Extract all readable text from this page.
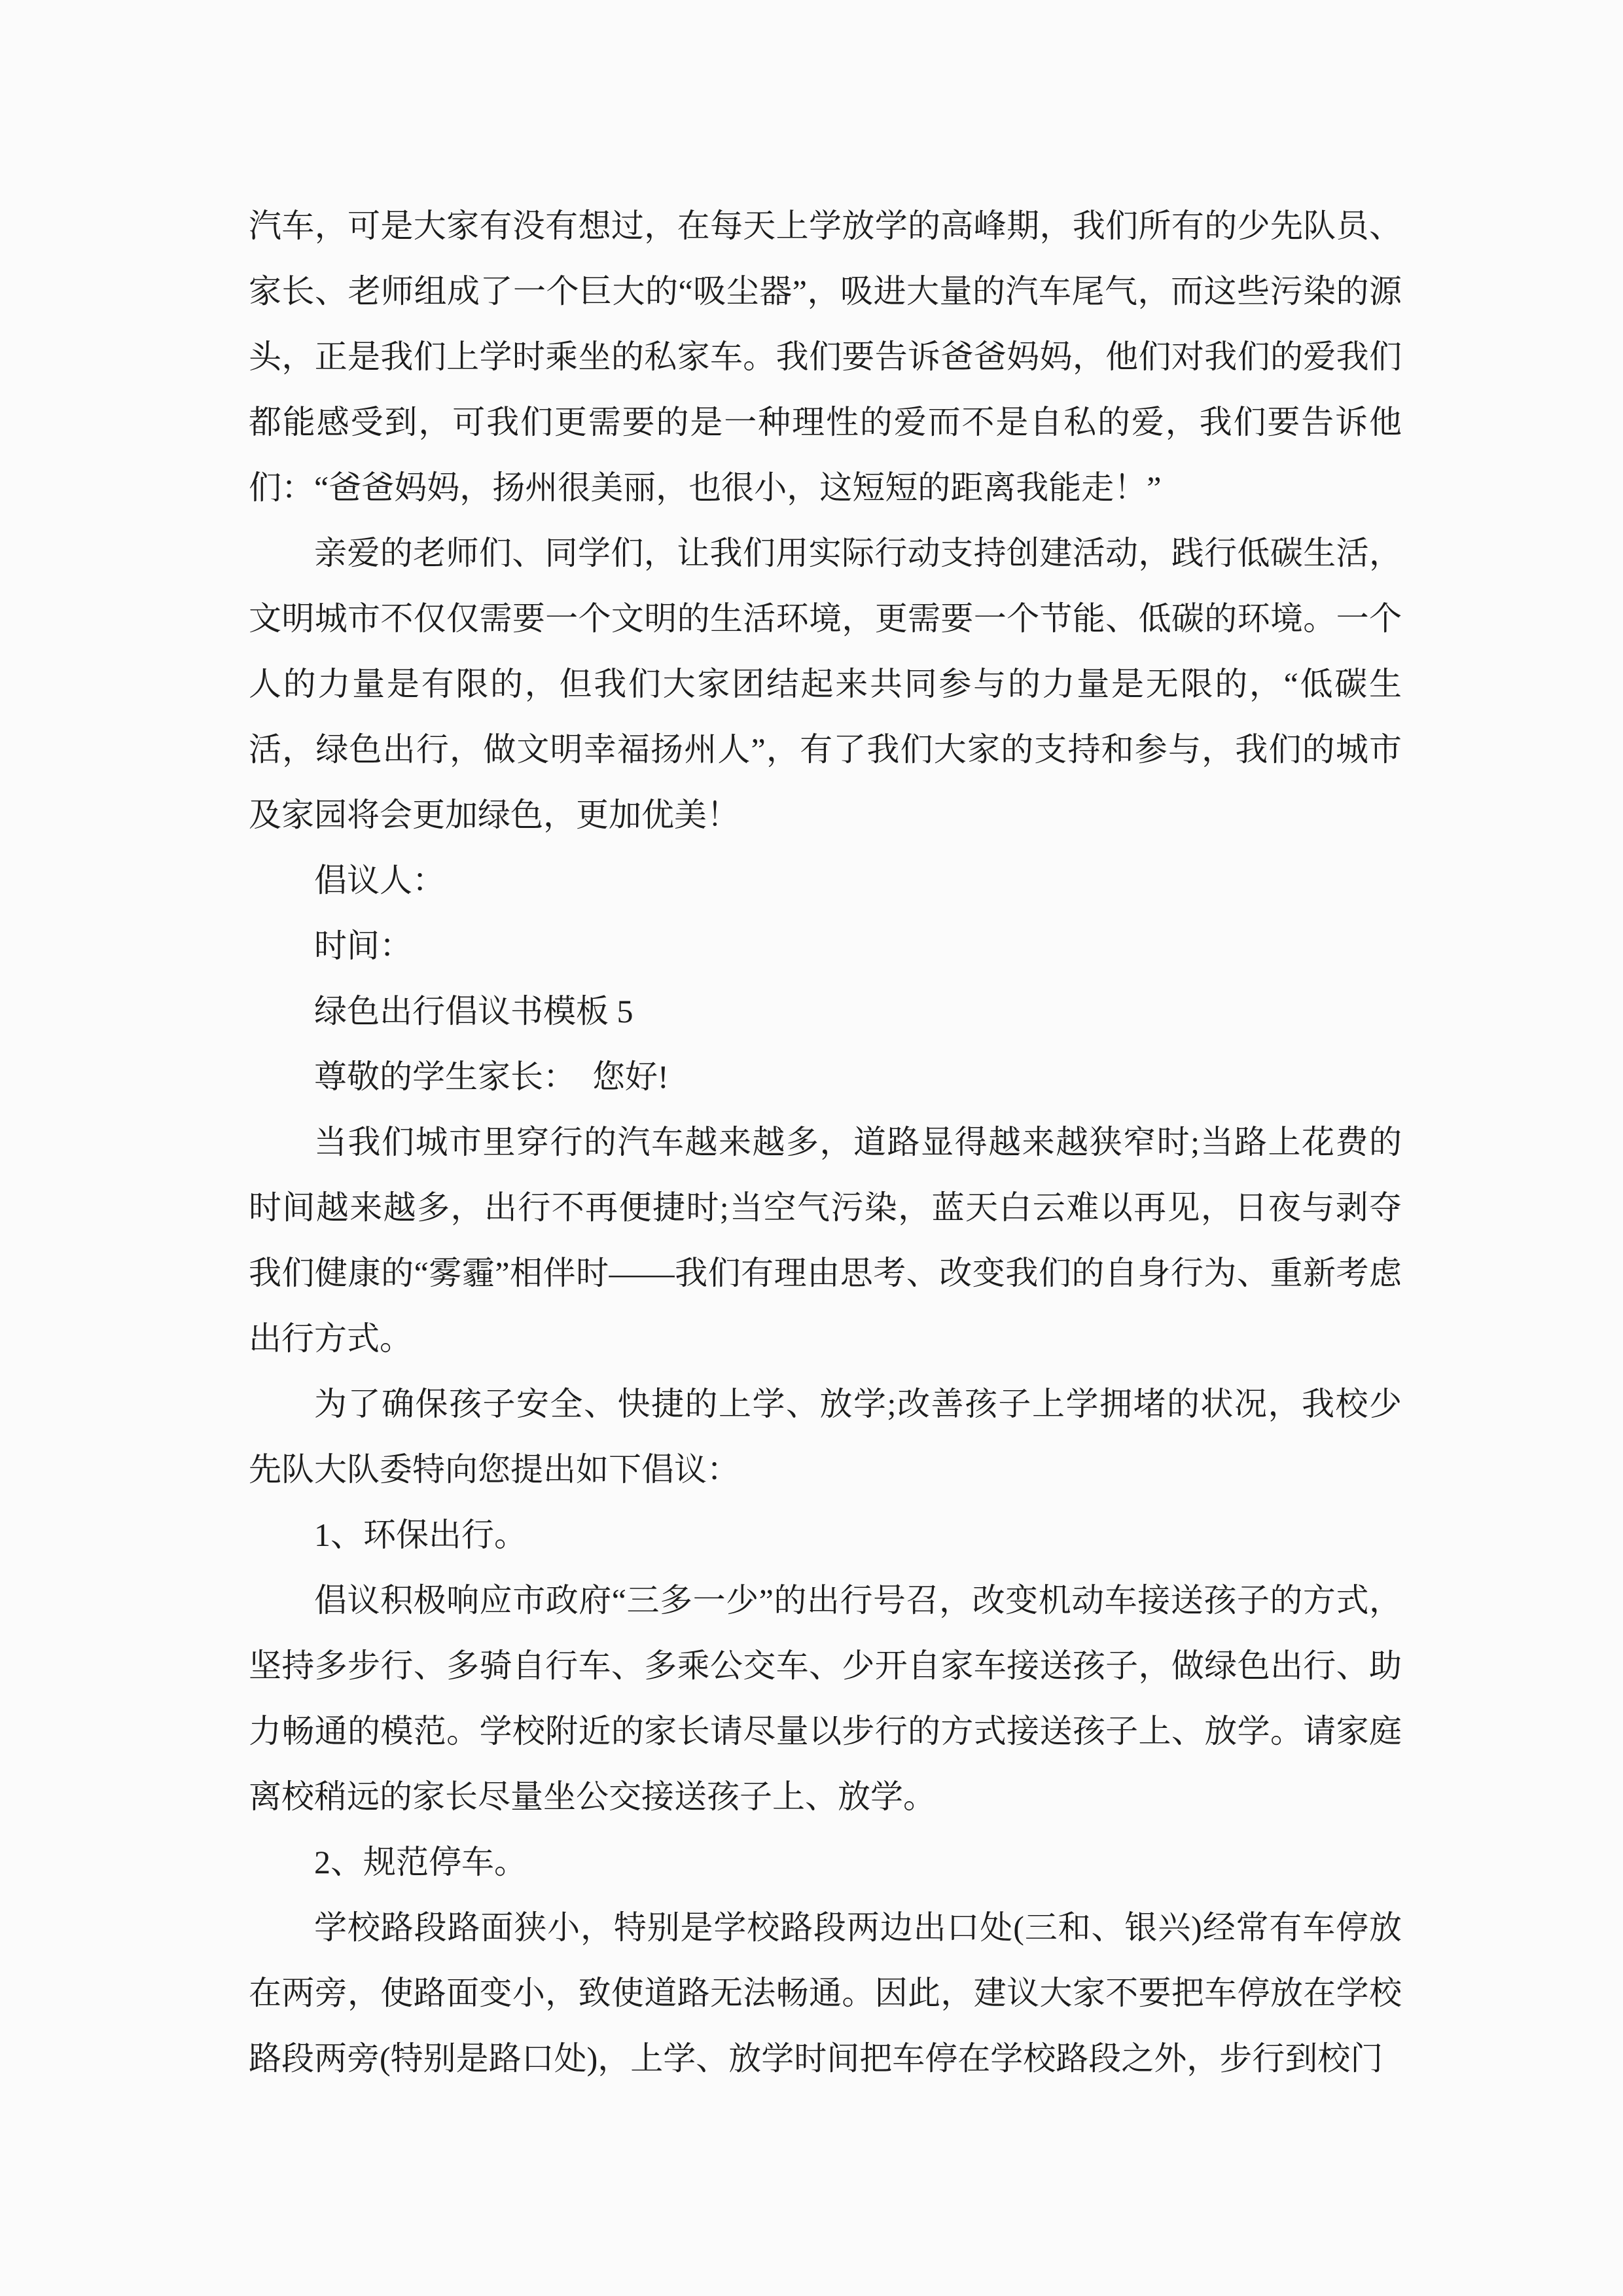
汽车，可是大家有没有想过，在每天上学放学的高峰期，我们所有的少先队员、家长、老师组成了一个巨大的“吸尘器”，吸进大量的汽车尾气，而这些污染的源头，正是我们上学时乘坐的私家车。我们要告诉爸爸妈妈，他们对我们的爱我们都能感受到，可我们更需要的是一种理性的爱而不是自私的爱，我们要告诉他们：“爸爸妈妈，扬州很美丽，也很小，这短短的距离我能走！”

亲爱的老师们、同学们，让我们用实际行动支持创建活动，践行低碳生活，文明城市不仅仅需要一个文明的生活环境，更需要一个节能、低碳的环境。一个人的力量是有限的，但我们大家团结起来共同参与的力量是无限的，“低碳生活，绿色出行，做文明幸福扬州人”，有了我们大家的支持和参与，我们的城市及家园将会更加绿色，更加优美！

倡议人：

时间：

绿色出行倡议书模板 5

尊敬的学生家长：　您好!

当我们城市里穿行的汽车越来越多，道路显得越来越狭窄时;当路上花费的时间越来越多，出行不再便捷时;当空气污染，蓝天白云难以再见，日夜与剥夺我们健康的“雾霾”相伴时——我们有理由思考、改变我们的自身行为、重新考虑出行方式。

为了确保孩子安全、快捷的上学、放学;改善孩子上学拥堵的状况，我校少先队大队委特向您提出如下倡议：

1、环保出行。

倡议积极响应市政府“三多一少”的出行号召，改变机动车接送孩子的方式，坚持多步行、多骑自行车、多乘公交车、少开自家车接送孩子，做绿色出行、助力畅通的模范。学校附近的家长请尽量以步行的方式接送孩子上、放学。请家庭离校稍远的家长尽量坐公交接送孩子上、放学。

2、规范停车。

学校路段路面狭小，特别是学校路段两边出口处(三和、银兴)经常有车停放在两旁，使路面变小，致使道路无法畅通。因此，建议大家不要把车停放在学校路段两旁(特别是路口处)，上学、放学时间把车停在学校路段之外，步行到校门
